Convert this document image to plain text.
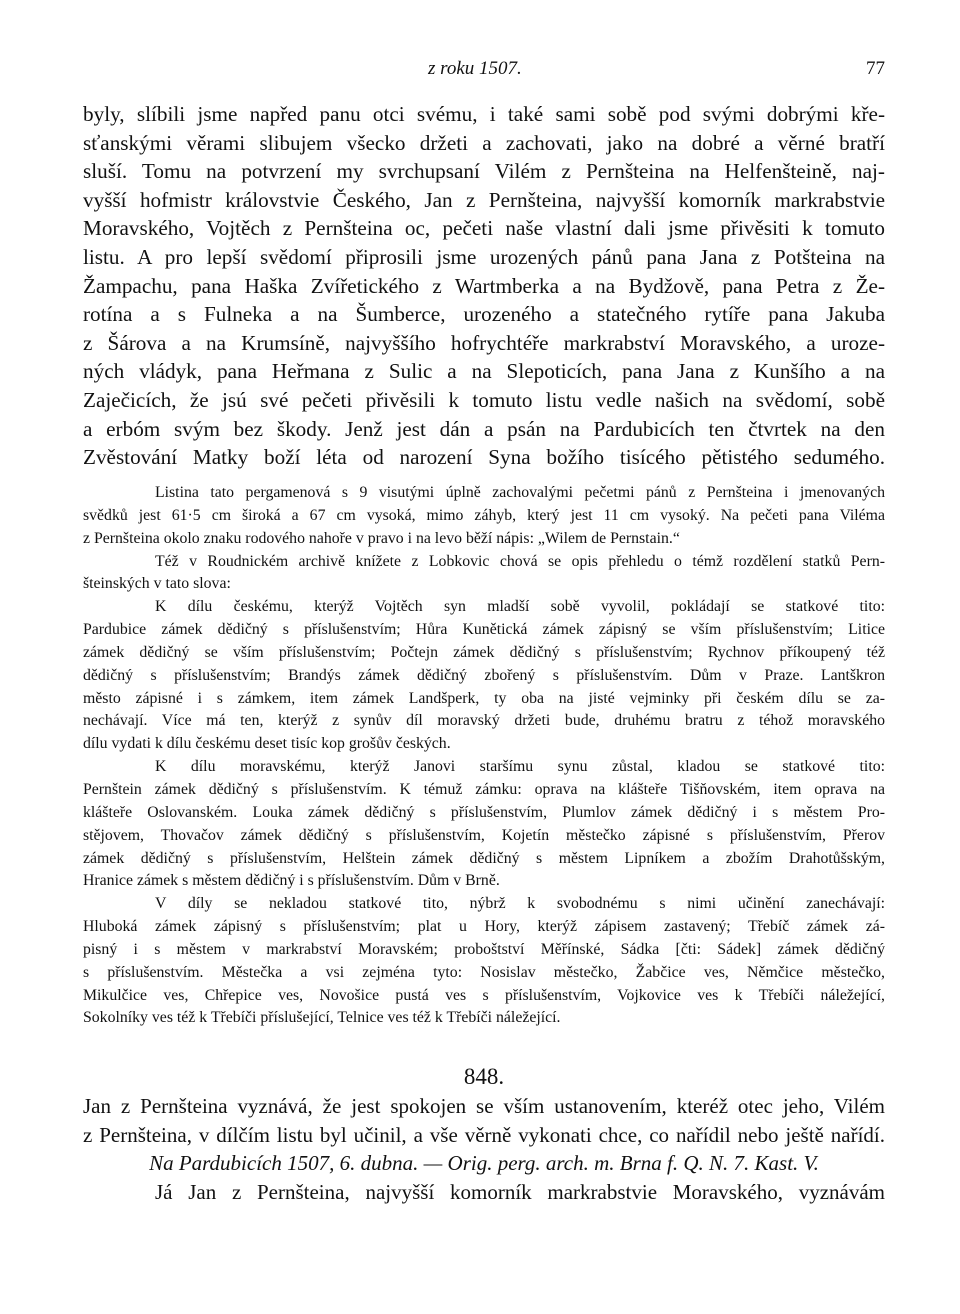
z roku 1507.	77
byly, slíbili jsme napřed panu otci svému, i také sami sobě pod svými dobrými kře-
sťanskými věrami slibujem všecko držeti a zachovati, jako na dobré a věrné bratří
sluší. Tomu na potvrzení my svrchupsaní Vilém z Pernšteina na Helfenšteině, naj-
vyšší hofmistr královstvie Českého, Jan z Pernšteina, najvyšší komorník markrabstvie
Moravského, Vojtěch z Pernšteina oc, pečeti naše vlastní dali jsme přivěsiti k tomuto
listu. A pro lepší svědomí připrosili jsme urozených pánů pana Jana z Potšteina na
Žampachu, pana Haška Zvířetického z Wartmberka a na Bydžově, pana Petra z Že-
rotína a s Fulneka a na Šumberce, urozeného a statečného rytíře pana Jakuba
z Šárova a na Krumsíně, najvyššího hofrychtéře markrabství Moravského, a uroze-
ných vládyk, pana Heřmana z Sulic a na Slepoticích, pana Jana z Kunšího a na
Zaječicích, že jsú své pečeti přivěsili k tomuto listu vedle našich na svědomí, sobě
a erbóm svým bez škody. Jenž jest dán a psán na Pardubicích ten čtvrtek na den
Zvěstování Matky boží léta od narození Syna božího tisícého pětistého sedumého.
Listina tato pergamenová s 9 visutými úplně zachovalými pečetmi pánů z Pernšteina i jmenovaných
svědků jest 61·5 cm široká a 67 cm vysoká, mimo záhyb, který jest 11 cm vysoký. Na pečeti pana Viléma
z Pernšteina okolo znaku rodového nahoře v pravo i na levo běží nápis: „Wilem de Pernstain.“
Též v Roudnickém archivě knížete z Lobkovic chová se opis přehledu o témž rozdělení statků Pern-
šteinských v tato slova:
K dílu českému, kterýž Vojtěch syn mladší sobě vyvolil, pokládají se statkové tito:
Pardubice zámek dědičný s příslušenstvím; Hůra Kunětická zámek zápisný se vším příslušenstvím; Litice
zámek dědičný se vším příslušenstvím; Počtejn zámek dědičný s příslušenstvím; Rychnov příkoupený též
dědičný s příslušenstvím; Brandýs zámek dědičný zbořený s příslušenstvím. Dům v Praze. Lantškron
město zápisné i s zámkem, item zámek Landšperk, ty oba na jisté vejminky při českém dílu se za-
nechávají. Více má ten, kterýž z synův díl moravský držeti bude, druhému bratru z téhož moravského
dílu vydati k dílu českému deset tisíc kop grošův českých.
K dílu moravskému, kterýž Janovi staršímu synu zůstal, kladou se statkové tito:
Pernštein zámek dědičný s příslušenstvím. K témuž zámku: oprava na klášteře Tišňovském, item oprava na
klášteře Oslovanském. Louka zámek dědičný s příslušenstvím, Plumlov zámek dědičný i s městem Pro-
stějovem, Thovačov zámek dědičný s příslušenstvím, Kojetín městečko zápisné s příslušenstvím, Přerov
zámek dědičný s příslušenstvím, Helštein zámek dědičný s městem Lipníkem a zbožím Drahotůšským,
Hranice zámek s městem dědičný i s příslušenstvím. Dům v Brně.
V díly se nekladou statkové tito, nýbrž k svobodnému s nimi učinění zanechávají:
Hluboká zámek zápisný s příslušenstvím; plat u Hory, kterýž zápisem zastavený; Třebíč zámek zá-
pisný i s městem v markrabství Moravském; proboštství Měřínské, Sádka [čti: Sádek] zámek dědičný
s příslušenstvím. Městečka a vsi zejména tyto: Nosislav městečko, Žabčice ves, Němčice městečko,
Mikulčice ves, Chřepice ves, Novošice pustá ves s příslušenstvím, Vojkovice ves k Třebíči náležející,
Sokolníky ves též k Třebíči příslušející, Telnice ves též k Třebíči náležející.
848.
Jan z Pernšteina vyznává, že jest spokojen se vším ustanovením, kteréž otec jeho, Vilém
z Pernšteina, v dílčím listu byl učinil, a vše věrně vykonati chce, co nařídil nebo ještě nařídí.
Na Pardubicích 1507, 6. dubna. — Orig. perg. arch. m. Brna f. Q. N. 7. Kast. V.
Já Jan z Pernšteina, najvyšší komorník markrabstvie Moravského, vyznávám
